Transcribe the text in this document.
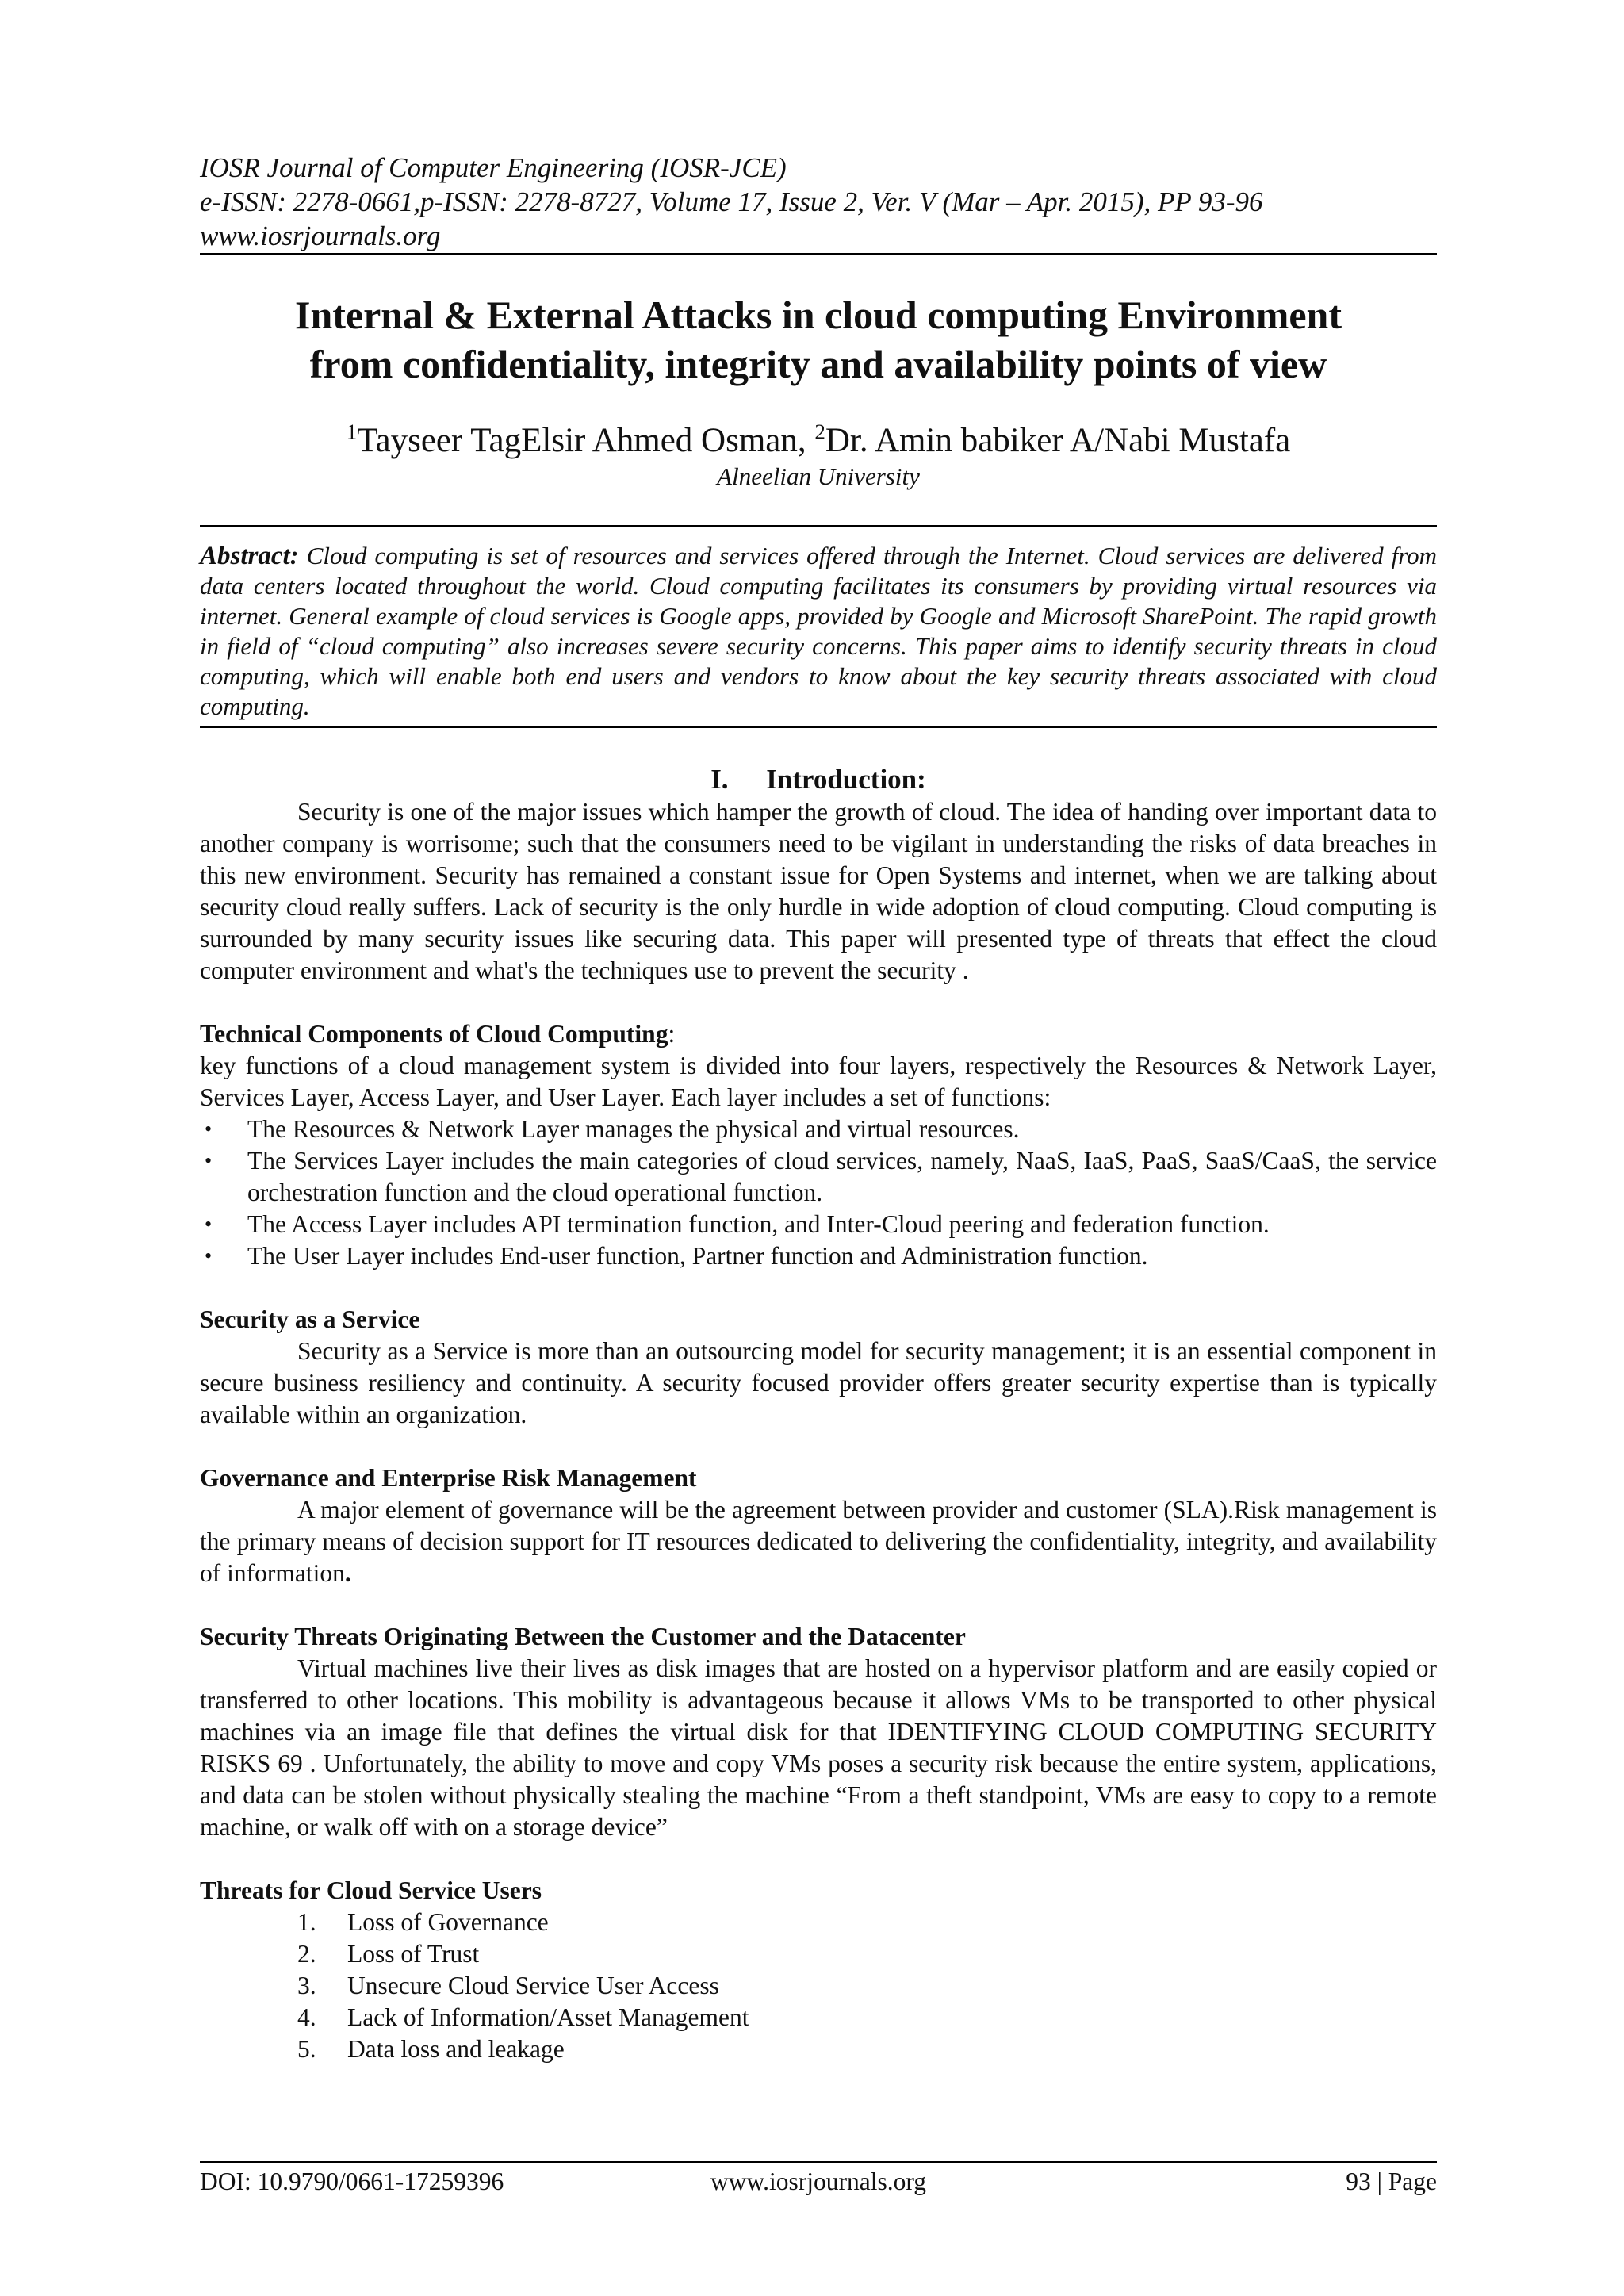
IOSR Journal of Computer Engineering (IOSR-JCE)
e-ISSN: 2278-0661,p-ISSN: 2278-8727, Volume 17, Issue 2, Ver. V (Mar – Apr. 2015), PP 93-96
www.iosrjournals.org
Internal & External Attacks in cloud computing Environment
from confidentiality, integrity and availability points of view
$^1$Tayseer TagElsir Ahmed Osman, $^2$Dr. Amin babiker A/Nabi Mustafa
Alneelian University

Abstract: Cloud computing is set of resources and services offered through the Internet. Cloud services are delivered from data centers located throughout the world. Cloud computing facilitates its consumers by providing virtual resources via internet. General example of cloud services is Google apps, provided by Google and Microsoft SharePoint. The rapid growth in field of “cloud computing” also increases severe security concerns. This paper aims to identify security threats in cloud computing, which will enable both end users and vendors to know about the key security threats associated with cloud computing.

I. Introduction:

Security is one of the major issues which hamper the growth of cloud. The idea of handing over important data to another company is worrisome; such that the consumers need to be vigilant in understanding the risks of data breaches in this new environment. Security has remained a constant issue for Open Systems and internet, when we are talking about security cloud really suffers. Lack of security is the only hurdle in wide adoption of cloud computing. Cloud computing is surrounded by many security issues like securing data. This paper will presented type of threats that effect the cloud computer environment and what's the techniques use to prevent the security .

Technical Components of Cloud Computing:

key functions of a cloud management system is divided into four layers, respectively the Resources & Network Layer, Services Layer, Access Layer, and User Layer. Each layer includes a set of functions:

• The Resources & Network Layer manages the physical and virtual resources.
• The Services Layer includes the main categories of cloud services, namely, NaaS, IaaS, PaaS, SaaS/CaaS, the service orchestration function and the cloud operational function.
• The Access Layer includes API termination function, and Inter-Cloud peering and federation function.
• The User Layer includes End-user function, Partner function and Administration function.
Security as a Service

Security as a Service is more than an outsourcing model for security management; it is an essential component in secure business resiliency and continuity. A security focused provider offers greater security expertise than is typically available within an organization.

Governance and Enterprise Risk Management

A major element of governance will be the agreement between provider and customer (SLA).Risk management is the primary means of decision support for IT resources dedicated to delivering the confidentiality, integrity, and availability of information.

Security Threats Originating Between the Customer and the Datacenter

Virtual machines live their lives as disk images that are hosted on a hypervisor platform and are easily copied or transferred to other locations. This mobility is advantageous because it allows VMs to be transported to other physical machines via an image file that defines the virtual disk for that IDENTIFYING CLOUD COMPUTING SECURITY RISKS 69 . Unfortunately, the ability to move and copy VMs poses a security risk because the entire system, applications, and data can be stolen without physically stealing the machine “From a theft standpoint, VMs are easy to copy to a remote machine, or walk off with on a storage device”

Threats for Cloud Service Users
1. Loss of Governance
2. Loss of Trust
3. Unsecure Cloud Service User Access
4. Lack of Information/Asset Management
5. Data loss and leakage
DOI: 10.9790/0661-17259396	www.iosrjournals.org	93 | Page
